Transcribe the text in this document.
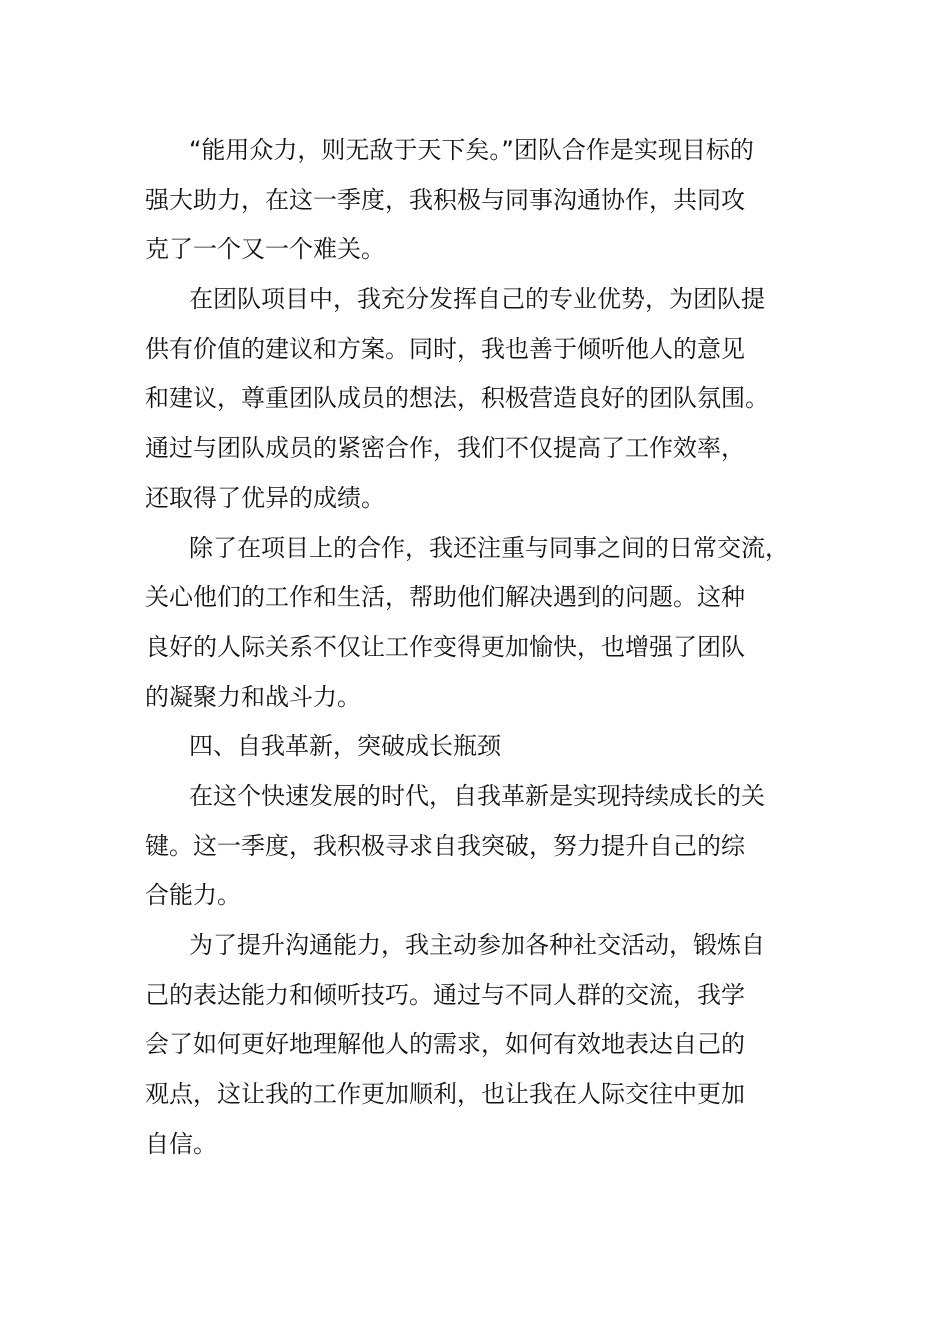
“能用众力，则无敌于天下矣。”团队合作是实现目标的
强大助力，在这一季度，我积极与同事沟通协作，共同攻
克了一个又一个难关。
在团队项目中，我充分发挥自己的专业优势，为团队提
供有价值的建议和方案。同时，我也善于倾听他人的意见
和建议，尊重团队成员的想法，积极营造良好的团队氛围。
通过与团队成员的紧密合作，我们不仅提高了工作效率，
还取得了优异的成绩。
除了在项目上的合作，我还注重与同事之间的日常交流，
关心他们的工作和生活，帮助他们解决遇到的问题。这种
良好的人际关系不仅让工作变得更加愉快，也增强了团队
的凝聚力和战斗力。
四、自我革新，突破成长瓶颈
在这个快速发展的时代，自我革新是实现持续成长的关
键。这一季度，我积极寻求自我突破，努力提升自己的综
合能力。
为了提升沟通能力，我主动参加各种社交活动，锻炼自
己的表达能力和倾听技巧。通过与不同人群的交流，我学
会了如何更好地理解他人的需求，如何有效地表达自己的
观点，这让我的工作更加顺利，也让我在人际交往中更加
自信。
